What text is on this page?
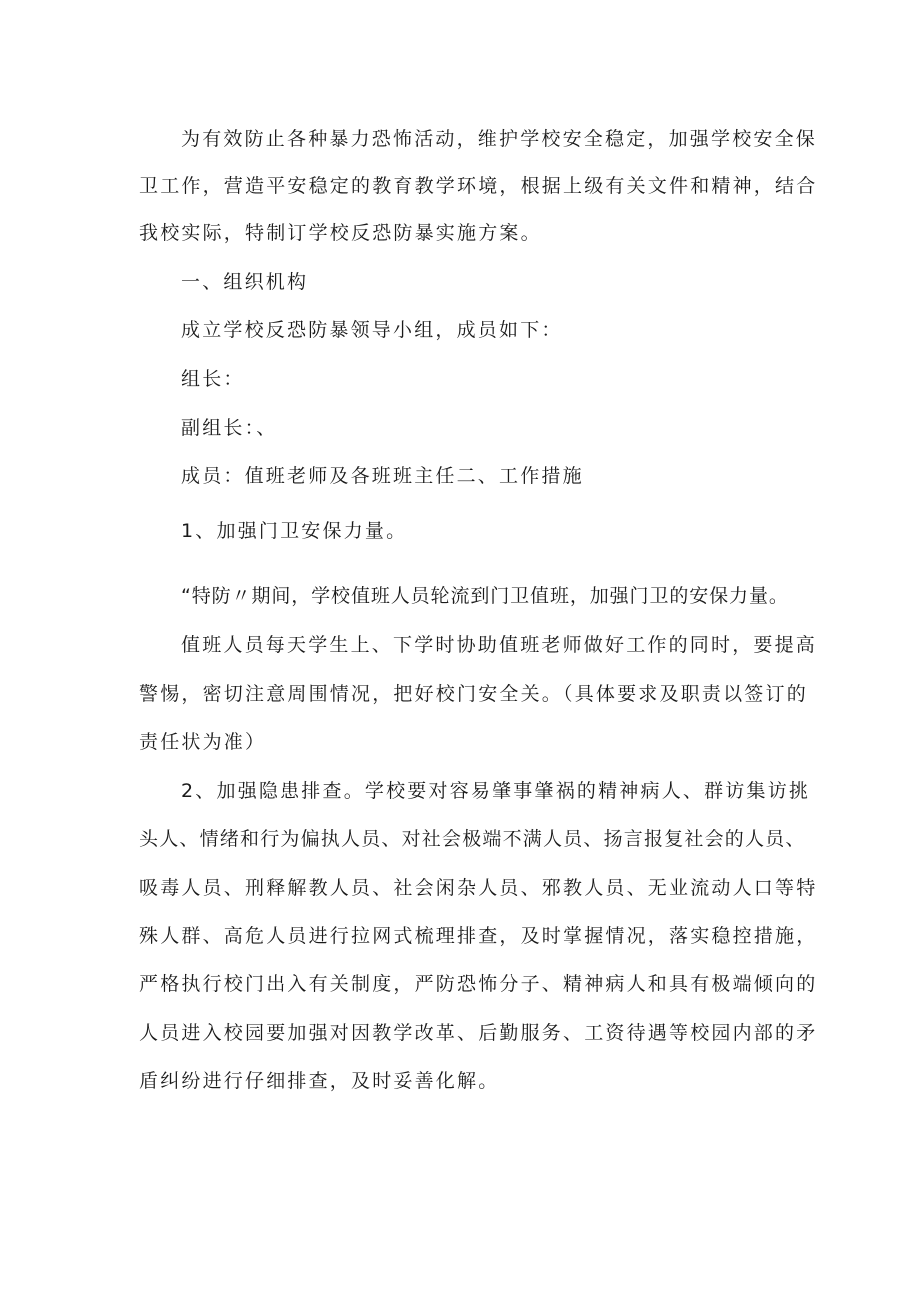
为有效防止各种暴力恐怖活动，维护学校安全稳定，加强学校安全保
卫工作，营造平安稳定的教育教学环境，根据上级有关文件和精神，结合
我校实际，特制订学校反恐防暴实施方案。
一、组织机构
成立学校反恐防暴领导小组，成员如下：
组长：
副组长：、
成员：值班老师及各班班主任二、工作措施
1、加强门卫安保力量。
“特防〃期间，学校值班人员轮流到门卫值班，加强门卫的安保力量。
值班人员每天学生上、下学时协助值班老师做好工作的同时，要提高
警惕，密切注意周围情况，把好校门安全关。（具体要求及职责以签订的
责任状为准）
2、加强隐患排查。学校要对容易肇事肇祸的精神病人、群访集访挑
头人、情绪和行为偏执人员、对社会极端不满人员、扬言报复社会的人员、
吸毒人员、刑释解教人员、社会闲杂人员、邪教人员、无业流动人口等特
殊人群、高危人员进行拉网式梳理排查，及时掌握情况，落实稳控措施，
严格执行校门出入有关制度，严防恐怖分子、精神病人和具有极端倾向的
人员进入校园要加强对因教学改革、后勤服务、工资待遇等校园内部的矛
盾纠纷进行仔细排查，及时妥善化解。
